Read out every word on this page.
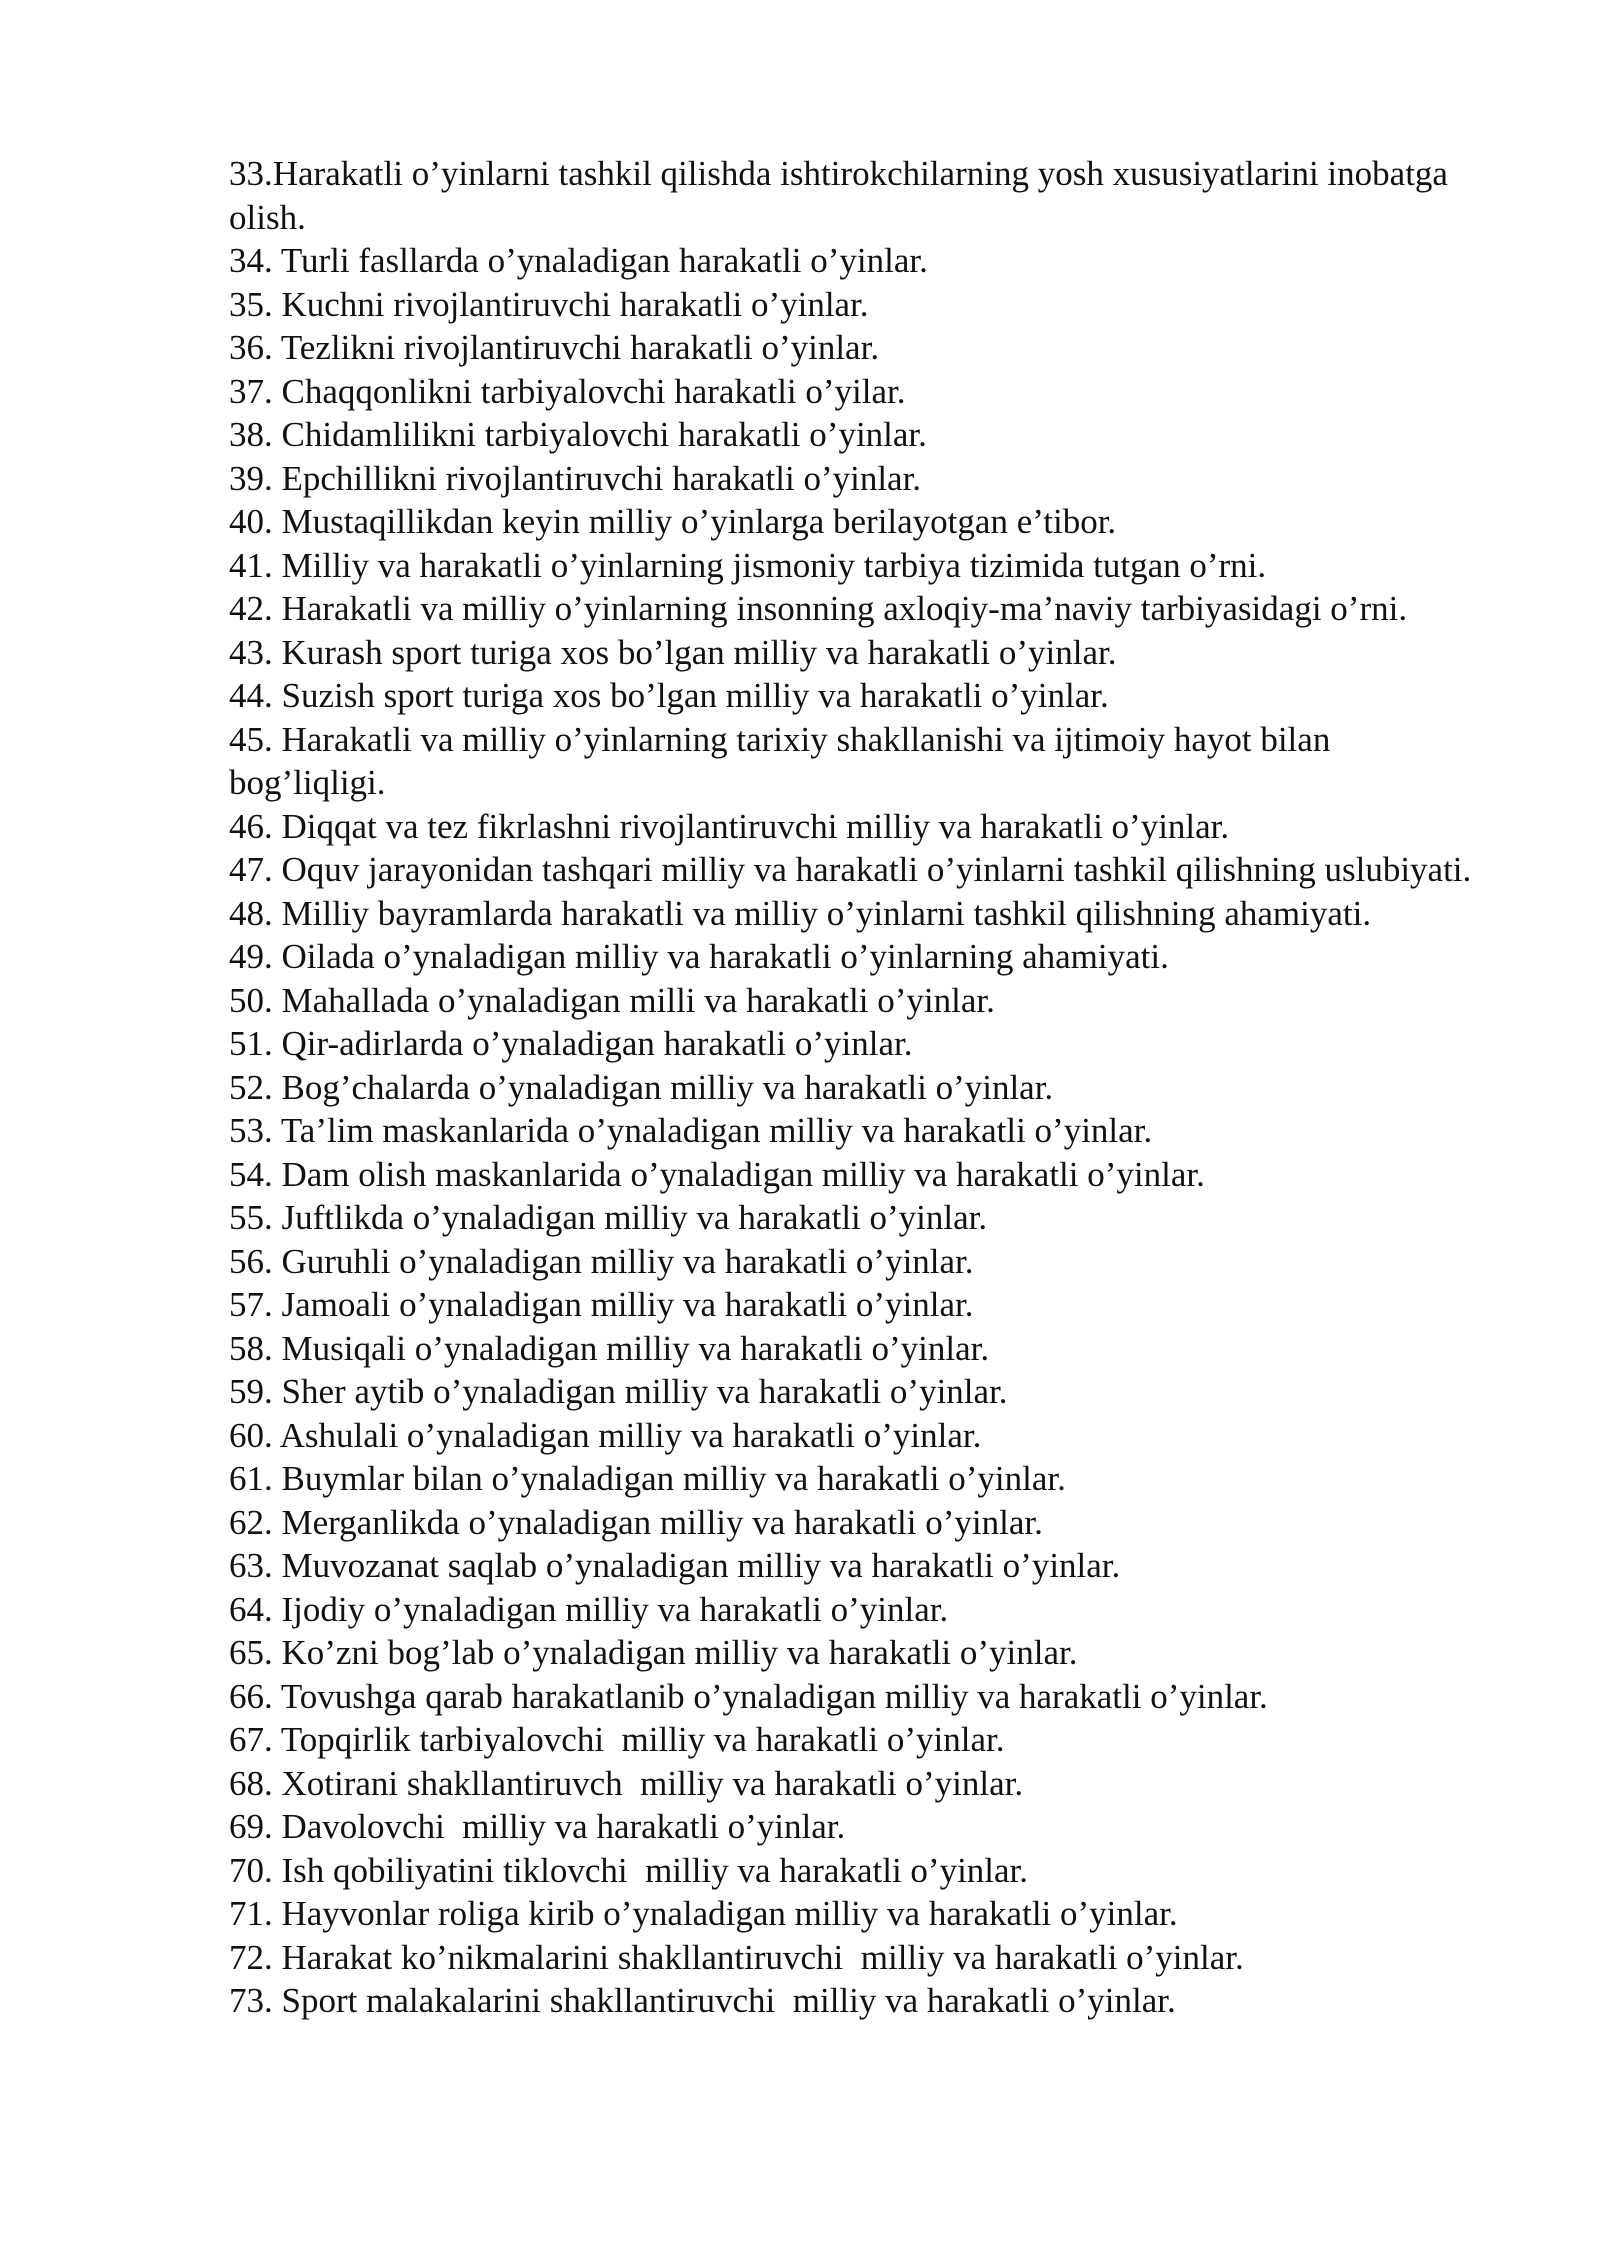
33.Harakatli o’yinlarni tashkil qilishda ishtirokchilarning yosh xususiyatlarini inobatga olish.

34. Turli fasllarda o’ynaladigan harakatli o’yinlar.

35. Kuchni rivojlantiruvchi harakatli o’yinlar.

36. Tezlikni rivojlantiruvchi harakatli o’yinlar.

37. Chaqqonlikni tarbiyalovchi harakatli o’yilar.

38. Chidamlilikni tarbiyalovchi harakatli o’yinlar.

39. Epchillikni rivojlantiruvchi harakatli o’yinlar.

40. Mustaqillikdan keyin milliy o’yinlarga berilayotgan e’tibor.

41. Milliy va harakatli o’yinlarning jismoniy tarbiya tizimida tutgan o’rni.

42. Harakatli va milliy o’yinlarning insonning axloqiy-ma’naviy tarbiyasidagi o’rni.

43. Kurash sport turiga xos bo’lgan milliy va harakatli o’yinlar.

44. Suzish sport turiga xos bo’lgan milliy va harakatli o’yinlar.

45. Harakatli va milliy o’yinlarning tarixiy shakllanishi va ijtimoiy hayot bilan bog’liqligi.

46. Diqqat va tez fikrlashni rivojlantiruvchi milliy va harakatli o’yinlar.

47. Oquv jarayonidan tashqari milliy va harakatli o’yinlarni tashkil qilishning uslubiyati.

48. Milliy bayramlarda harakatli va milliy o’yinlarni tashkil qilishning ahamiyati.

49. Oilada o’ynaladigan milliy va harakatli o’yinlarning ahamiyati.

50. Mahallada o’ynaladigan milli va harakatli o’yinlar.

51. Qir-adirlarda o’ynaladigan harakatli o’yinlar.

52. Bog’chalarda o’ynaladigan milliy va harakatli o’yinlar.

53. Ta’lim maskanlarida o’ynaladigan milliy va harakatli o’yinlar.

54. Dam olish maskanlarida o’ynaladigan milliy va harakatli o’yinlar.

55. Juftlikda o’ynaladigan milliy va harakatli o’yinlar.

56. Guruhli o’ynaladigan milliy va harakatli o’yinlar.

57. Jamoali o’ynaladigan milliy va harakatli o’yinlar.

58. Musiqali o’ynaladigan milliy va harakatli o’yinlar.

59. Sher aytib o’ynaladigan milliy va harakatli o’yinlar.

60. Ashulali o’ynaladigan milliy va harakatli o’yinlar.

61. Buymlar bilan o’ynaladigan milliy va harakatli o’yinlar.

62. Merganlikda o’ynaladigan milliy va harakatli o’yinlar.

63. Muvozanat saqlab o’ynaladigan milliy va harakatli o’yinlar.

64. Ijodiy o’ynaladigan milliy va harakatli o’yinlar.

65. Ko’zni bog’lab o’ynaladigan milliy va harakatli o’yinlar.

66. Tovushga qarab harakatlanib o’ynaladigan milliy va harakatli o’yinlar.

67. Topqirlik tarbiyalovchi  milliy va harakatli o’yinlar.

68. Xotirani shakllantiruvch  milliy va harakatli o’yinlar.

69. Davolovchi  milliy va harakatli o’yinlar.

70. Ish qobiliyatini tiklovchi  milliy va harakatli o’yinlar.

71. Hayvonlar roliga kirib o’ynaladigan milliy va harakatli o’yinlar.

72. Harakat ko’nikmalarini shakllantiruvchi  milliy va harakatli o’yinlar.

73. Sport malakalarini shakllantiruvchi  milliy va harakatli o’yinlar.
